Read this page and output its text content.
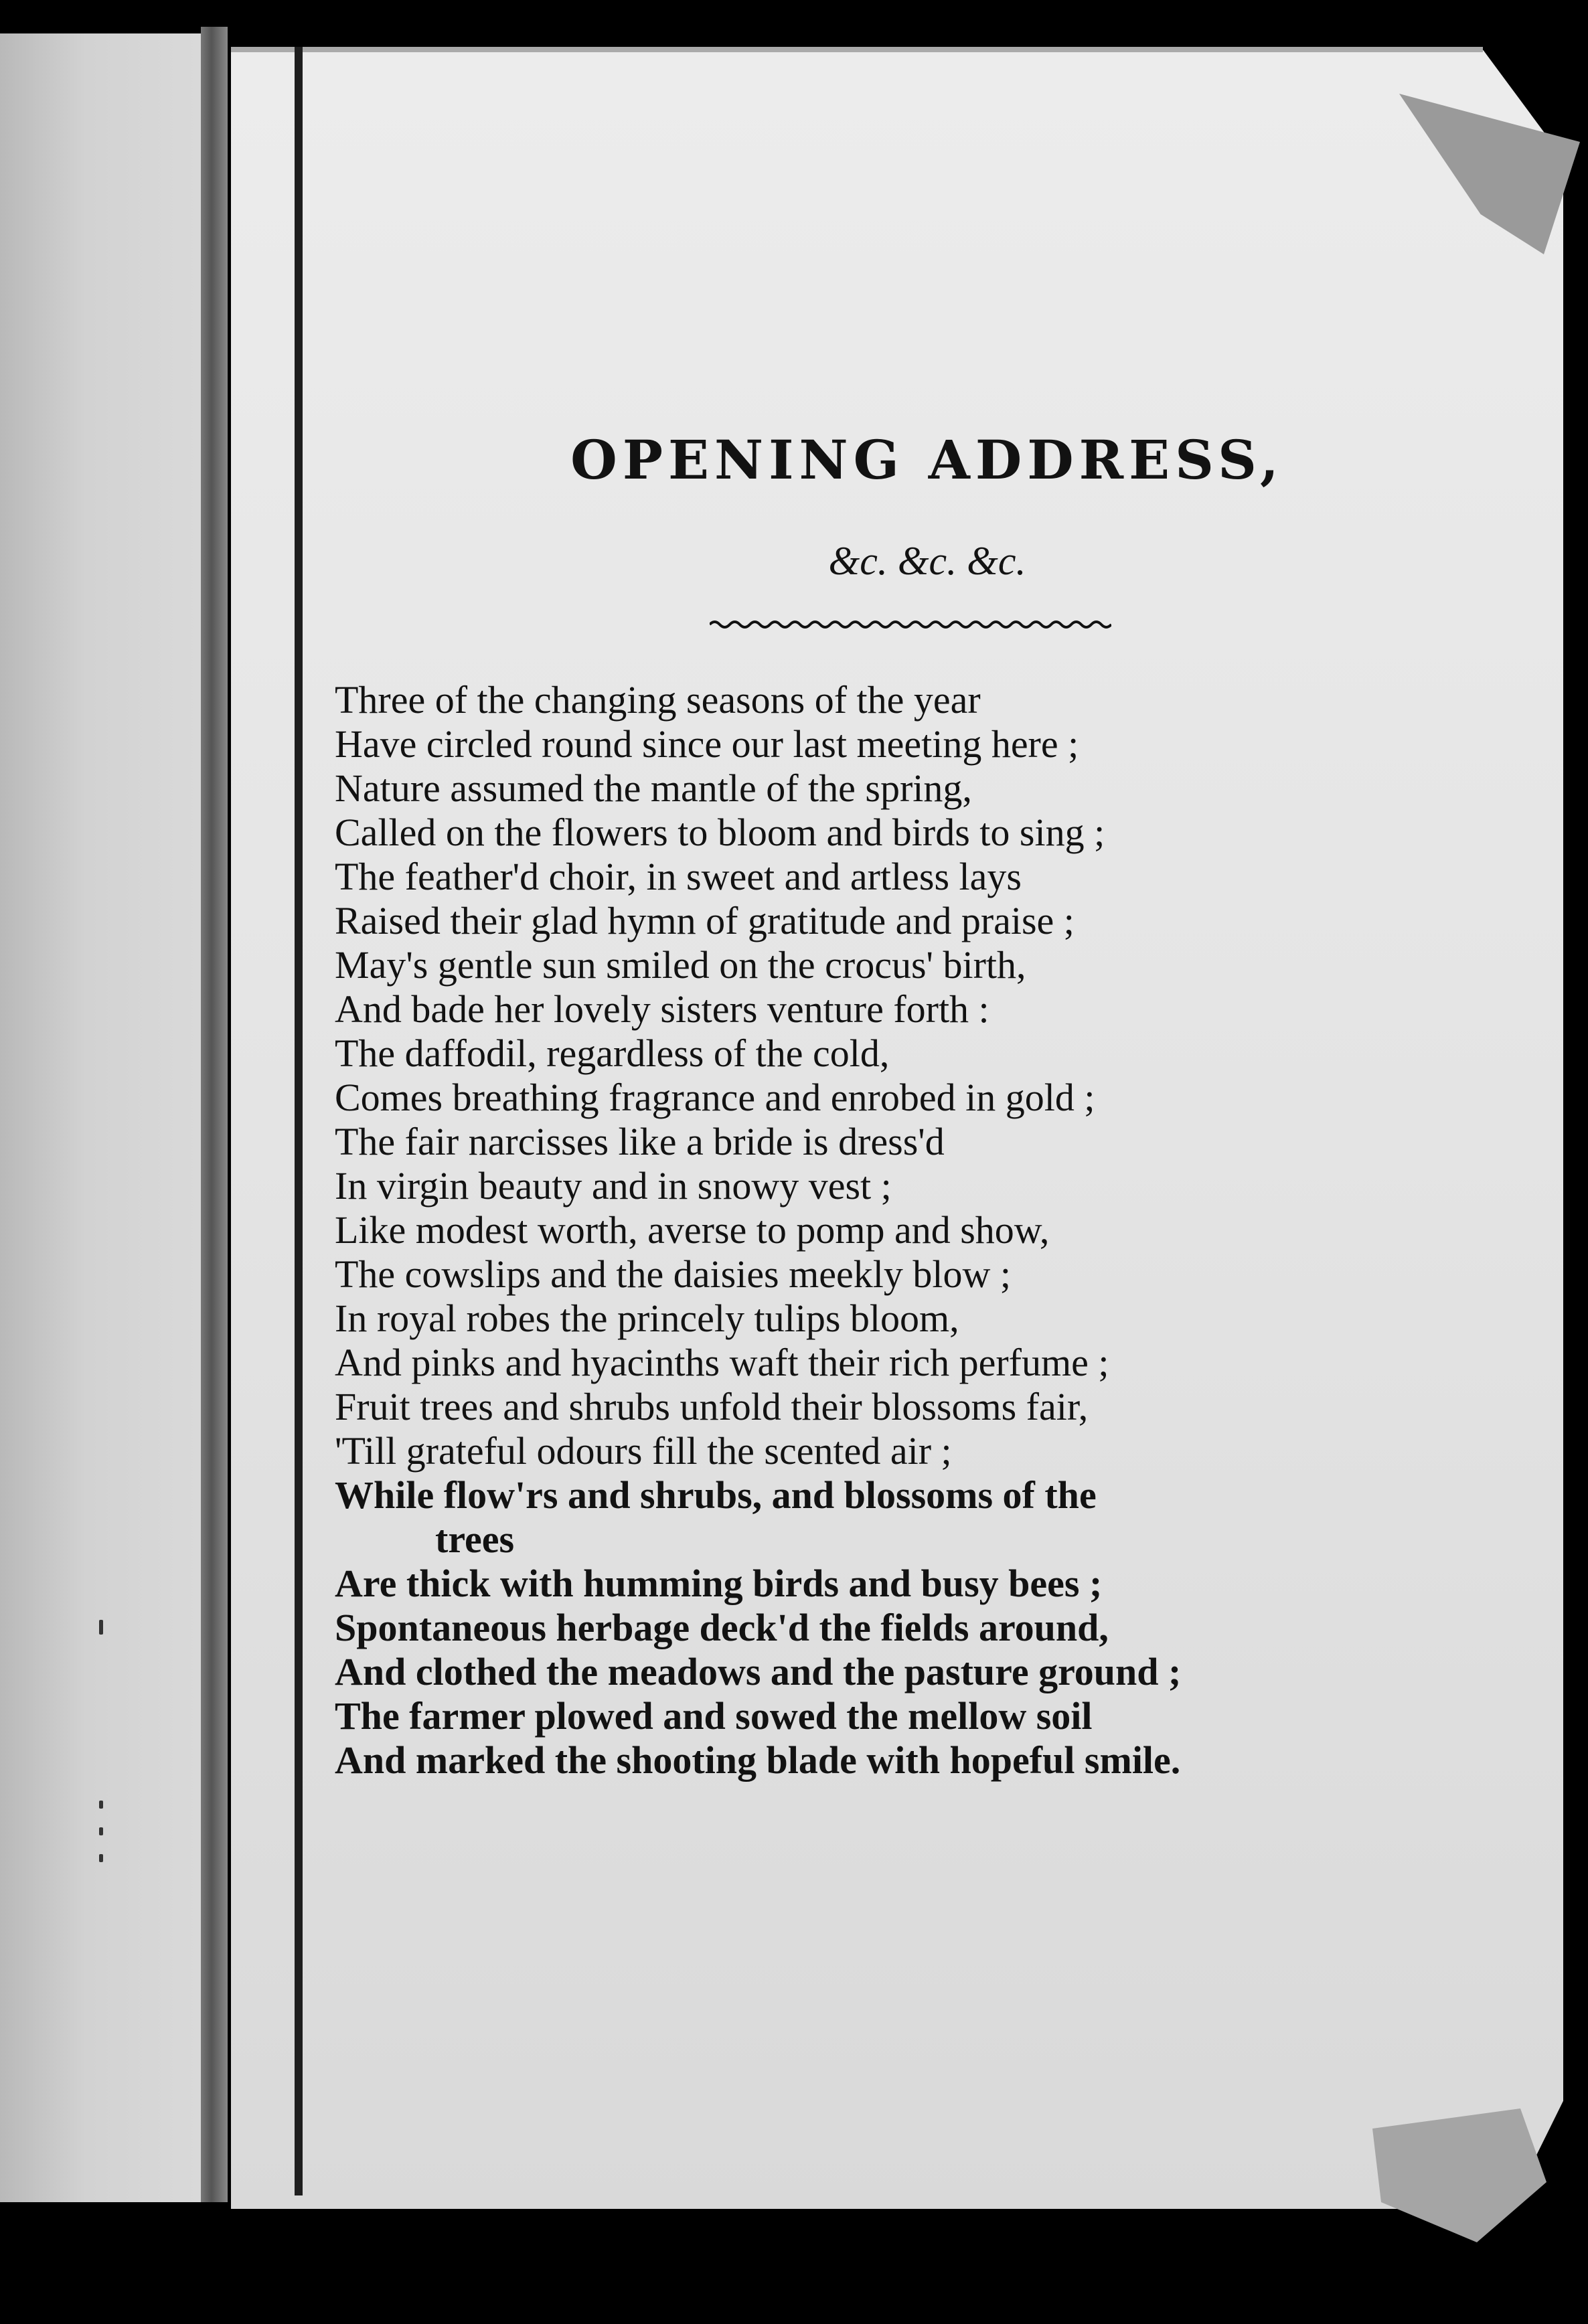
OPENING ADDRESS,
&c. &c. &c.
Three of the changing seasons of the year
Have circled round since our last meeting here ;
Nature assumed the mantle of the spring,
Called on the flowers to bloom and birds to sing ;
The feather'd choir, in sweet and artless lays
Raised their glad hymn of gratitude and praise ;
May's gentle sun smiled on the crocus' birth,
And bade her lovely sisters venture forth :
The daffodil, regardless of the cold,
Comes breathing fragrance and enrobed in gold ;
The fair narcisses like a bride is dress'd
In virgin beauty and in snowy vest ;
Like modest worth, averse to pomp and show,
The cowslips and the daisies meekly blow ;
In royal robes the princely tulips bloom,
And pinks and hyacinths waft their rich perfume ;
Fruit trees and shrubs unfold their blossoms fair,
'Till grateful odours fill the scented air ;
While flow'rs and shrubs, and blossoms of the
trees
Are thick with humming birds and busy bees ;
Spontaneous herbage deck'd the fields around,
And clothed the meadows and the pasture ground ;
The farmer plowed and sowed the mellow soil
And marked the shooting blade with hopeful smile.
